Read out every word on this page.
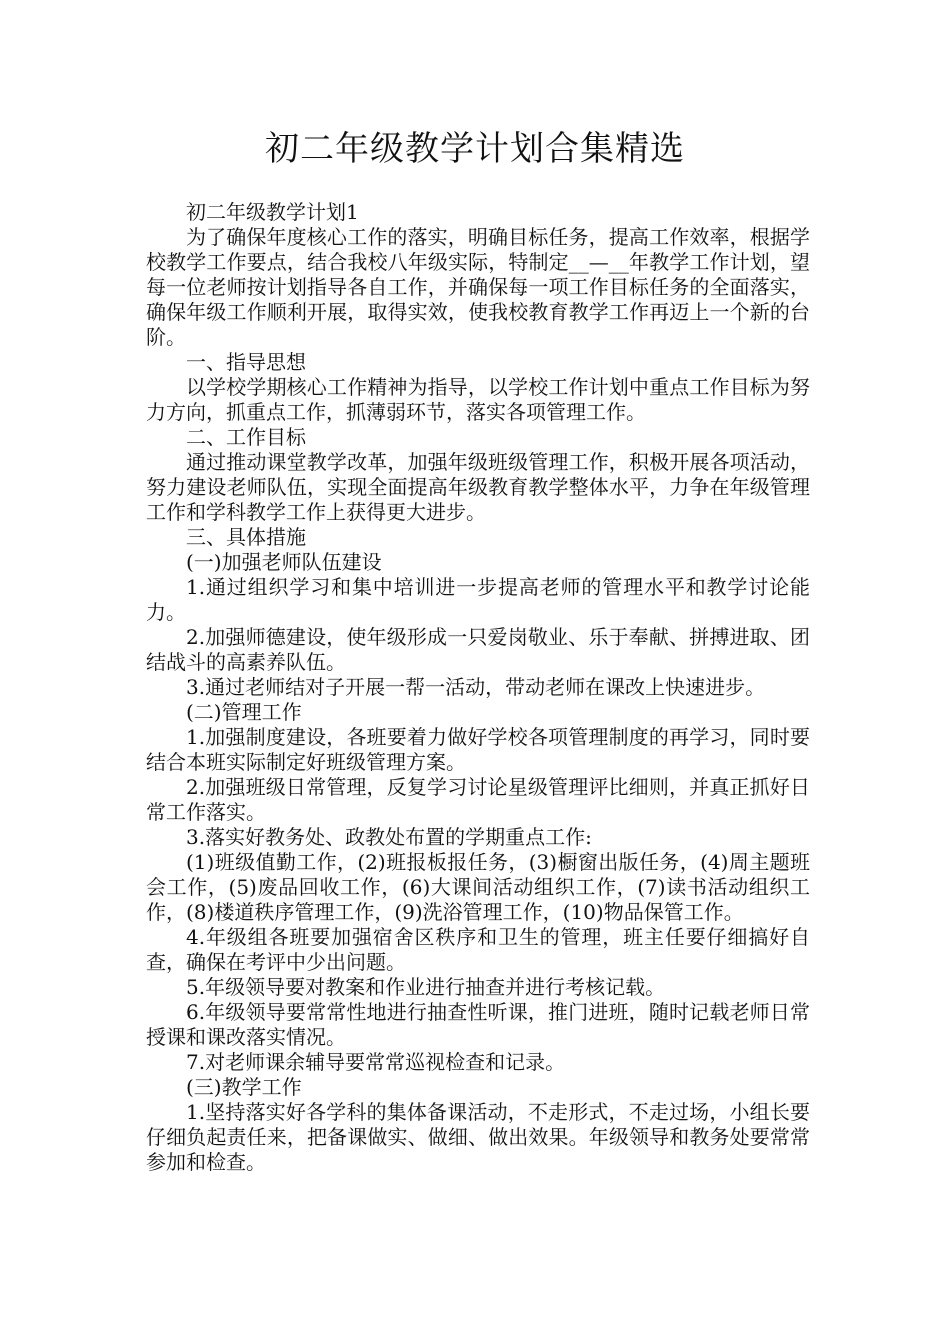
初二年级教学计划合集精选

初二年级教学计划1

为了确保年度核心工作的落实，明确目标任务，提高工作效率，根据学校教学工作要点，结合我校八年级实际，特制定__—__年教学工作计划，望每一位老师按计划指导各自工作，并确保每一项工作目标任务的全面落实，确保年级工作顺利开展，取得实效，使我校教育教学工作再迈上一个新的台阶。

一、指导思想

以学校学期核心工作精神为指导，以学校工作计划中重点工作目标为努力方向，抓重点工作，抓薄弱环节，落实各项管理工作。

二、工作目标

通过推动课堂教学改革，加强年级班级管理工作，积极开展各项活动，努力建设老师队伍，实现全面提高年级教育教学整体水平，力争在年级管理工作和学科教学工作上获得更大进步。

三、具体措施

(一)加强老师队伍建设

1.通过组织学习和集中培训进一步提高老师的管理水平和教学讨论能力。

2.加强师德建设，使年级形成一只爱岗敬业、乐于奉献、拼搏进取、团结战斗的高素养队伍。

3.通过老师结对子开展一帮一活动，带动老师在课改上快速进步。

(二)管理工作

1.加强制度建设，各班要着力做好学校各项管理制度的再学习，同时要结合本班实际制定好班级管理方案。

2.加强班级日常管理，反复学习讨论星级管理评比细则，并真正抓好日常工作落实。

3.落实好教务处、政教处布置的学期重点工作:

(1)班级值勤工作，(2)班报板报任务，(3)橱窗出版任务，(4)周主题班会工作，(5)废品回收工作，(6)大课间活动组织工作，(7)读书活动组织工作，(8)楼道秩序管理工作，(9)洗浴管理工作，(10)物品保管工作。

4.年级组各班要加强宿舍区秩序和卫生的管理，班主任要仔细搞好自查，确保在考评中少出问题。

5.年级领导要对教案和作业进行抽查并进行考核记载。

6.年级领导要常常性地进行抽查性听课，推门进班，随时记载老师日常授课和课改落实情况。

7.对老师课余辅导要常常巡视检查和记录。

(三)教学工作

1.坚持落实好各学科的集体备课活动，不走形式，不走过场，小组长要仔细负起责任来，把备课做实、做细、做出效果。年级领导和教务处要常常参加和检查。
